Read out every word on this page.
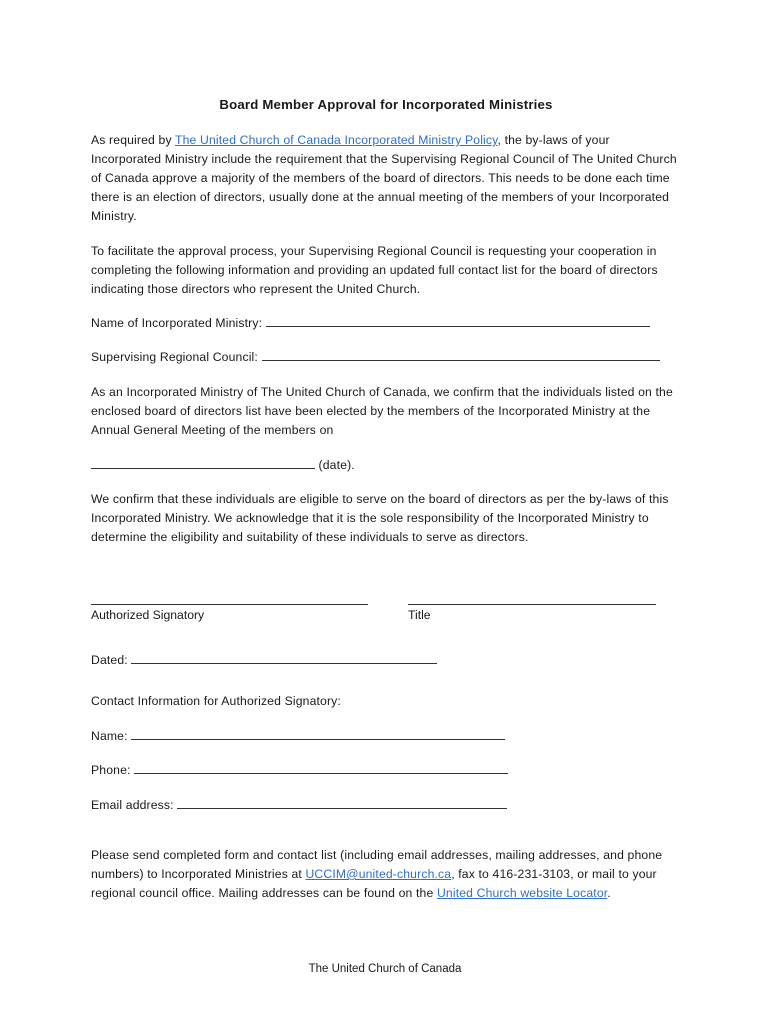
Board Member Approval for Incorporated Ministries

As required by The United Church of Canada Incorporated Ministry Policy, the by-laws of your Incorporated Ministry include the requirement that the Supervising Regional Council of The United Church of Canada approve a majority of the members of the board of directors. This needs to be done each time there is an election of directors, usually done at the annual meeting of the members of your Incorporated Ministry.

To facilitate the approval process, your Supervising Regional Council is requesting your cooperation in completing the following information and providing an updated full contact list for the board of directors indicating those directors who represent the United Church.

Name of Incorporated Ministry:

Supervising Regional Council:

As an Incorporated Ministry of The United Church of Canada, we confirm that the individuals listed on the enclosed board of directors list have been elected by the members of the Incorporated Ministry at the Annual General Meeting of the members on

(date).

We confirm that these individuals are eligible to serve on the board of directors as per the by-laws of this Incorporated Ministry. We acknowledge that it is the sole responsibility of the Incorporated Ministry to determine the eligibility and suitability of these individuals to serve as directors.

Authorized Signatory	Title

Dated:

Contact Information for Authorized Signatory:

Name:

Phone:

Email address:

Please send completed form and contact list (including email addresses, mailing addresses, and phone numbers) to Incorporated Ministries at UCCIM@united-church.ca, fax to 416-231-3103, or mail to your regional council office. Mailing addresses can be found on the United Church website Locator.

The United Church of Canada
